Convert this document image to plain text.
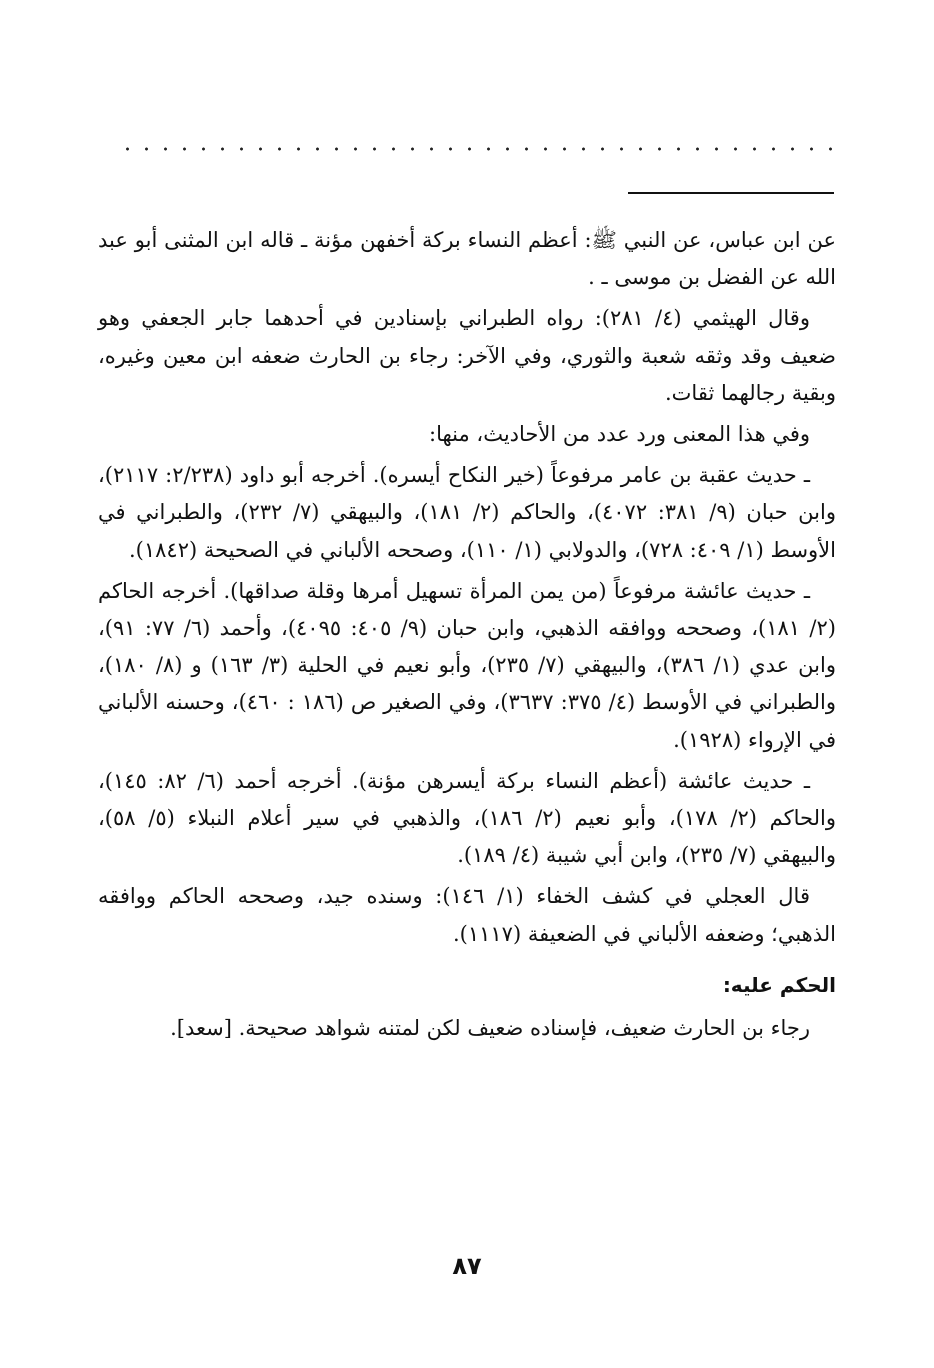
عن ابن عباس، عن النبي ﷺ: أعظم النساء بركة أخفهن مؤنة ـ قاله ابن المثنى أبو عبد الله عن الفضل بن موسى ـ .

وقال الهيثمي (٤/ ٢٨١): رواه الطبراني بإسنادين في أحدهما جابر الجعفي وهو ضعيف وقد وثقه شعبة والثوري، وفي الآخر: رجاء بن الحارث ضعفه ابن معين وغيره، وبقية رجالهما ثقات.

وفي هذا المعنى ورد عدد من الأحاديث، منها:

ـ حديث عقبة بن عامر مرفوعاً (خير النكاح أيسره). أخرجه أبو داود (٢/٢٣٨: ٢١١٧)، وابن حبان (٩/ ٣٨١: ٤٠٧٢)، والحاكم (٢/ ١٨١)، والبيهقي (٧/ ٢٣٢)، والطبراني في الأوسط (١/ ٤٠٩: ٧٢٨)، والدولابي (١/ ١١٠)، وصححه الألباني في الصحيحة (١٨٤٢).

ـ حديث عائشة مرفوعاً (من يمن المرأة تسهيل أمرها وقلة صداقها). أخرجه الحاكم (٢/ ١٨١)، وصححه ووافقه الذهبي، وابن حبان (٩/ ٤٠٥: ٤٠٩٥)، وأحمد (٦/ ٧٧: ٩١)، وابن عدي (١/ ٣٨٦)، والبيهقي (٧/ ٢٣٥)، وأبو نعيم في الحلية (٣/ ١٦٣) و (٨/ ١٨٠)، والطبراني في الأوسط (٤/ ٣٧٥: ٣٦٣٧)، وفي الصغير ص (١٨٦ : ٤٦٠)، وحسنه الألباني في الإرواء (١٩٢٨).

ـ حديث عائشة (أعظم النساء بركة أيسرهن مؤنة). أخرجه أحمد (٦/ ٨٢: ١٤٥)، والحاكم (٢/ ١٧٨)، وأبو نعيم (٢/ ١٨٦)، والذهبي في سير أعلام النبلاء (٥/ ٥٨)، والبيهقي (٧/ ٢٣٥)، وابن أبي شيبة (٤/ ١٨٩).

قال العجلي في كشف الخفاء (١/ ١٤٦): وسنده جيد، وصححه الحاكم ووافقه الذهبي؛ وضعفه الألباني في الضعيفة (١١١٧).

الحكم عليه:

رجاء بن الحارث ضعيف، فإسناده ضعيف لكن لمتنه شواهد صحيحة. [سعد].

٨٧
